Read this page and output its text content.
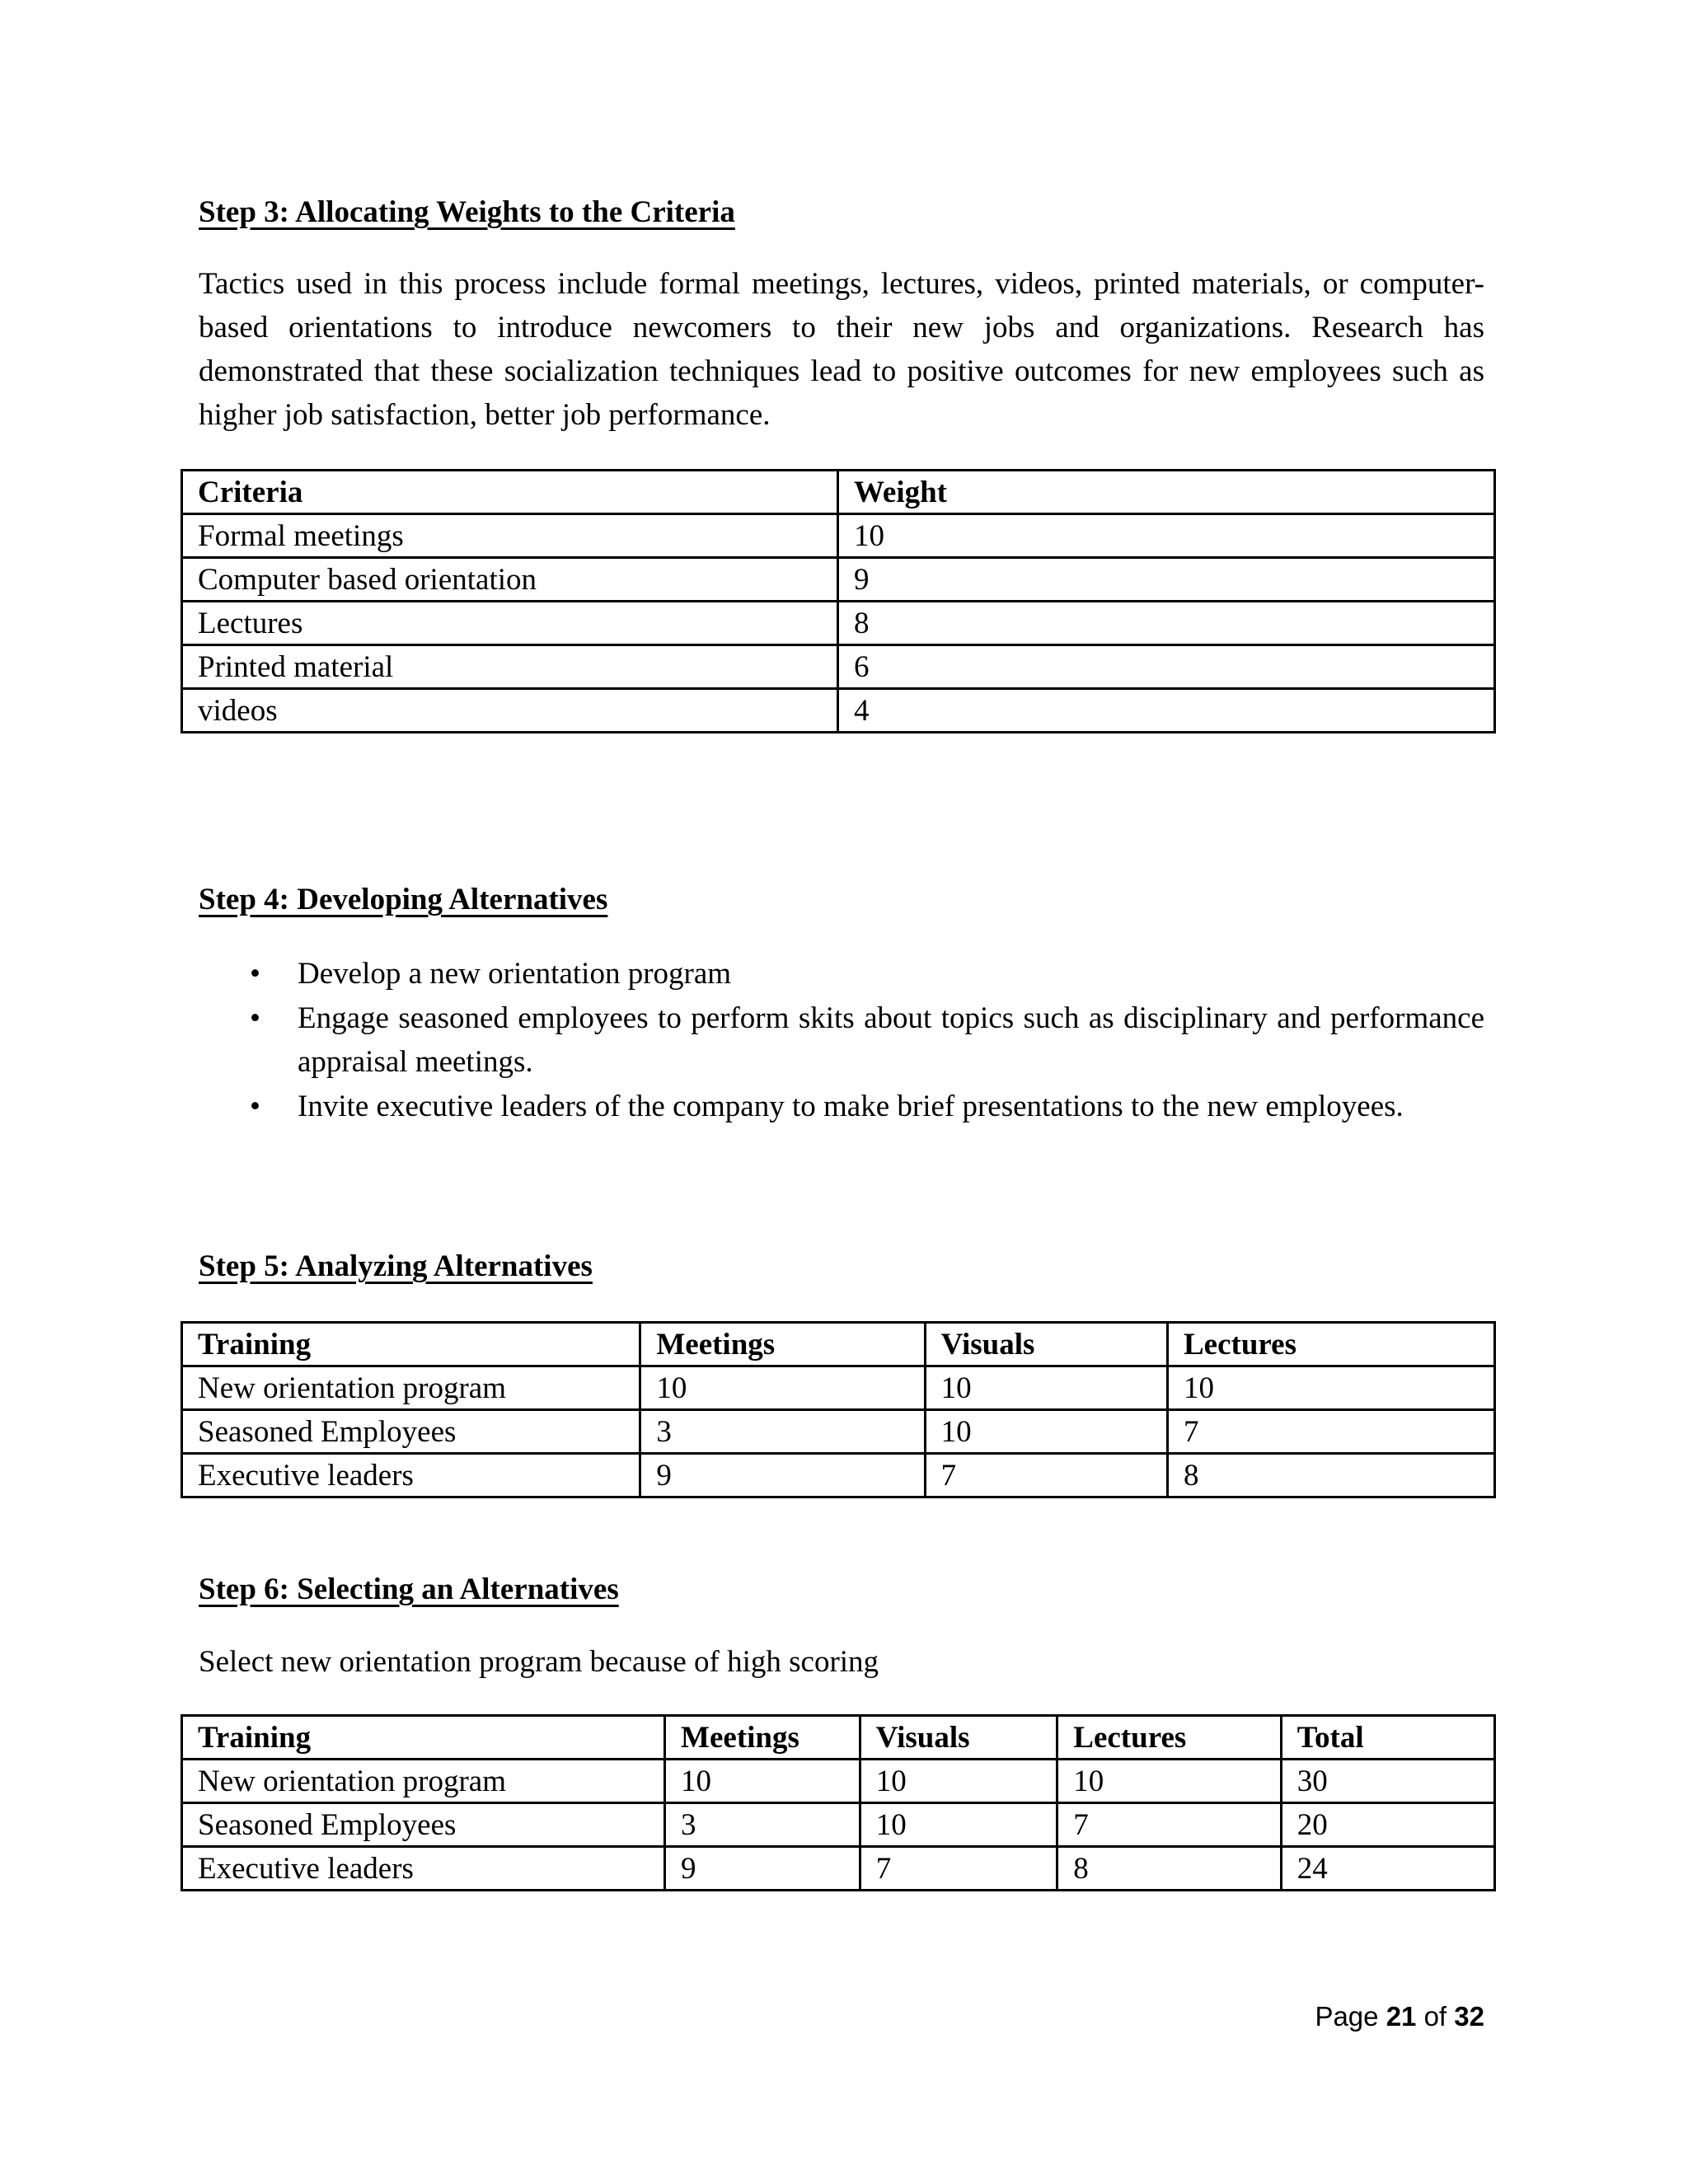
Step 3: Allocating Weights to the Criteria
Tactics used in this process include formal meetings, lectures, videos, printed materials, or computer-based orientations to introduce newcomers to their new jobs and organizations. Research has demonstrated that these socialization techniques lead to positive outcomes for new employees such as higher job satisfaction, better job performance.
Criteria	Weight
Formal meetings	10
Computer based orientation	9
Lectures	8
Printed material	6
videos	4
Step 4: Developing Alternatives
• Develop a new orientation program
• Engage seasoned employees to perform skits about topics such as disciplinary and performance appraisal meetings.
• Invite executive leaders of the company to make brief presentations to the new employees.
Step 5: Analyzing Alternatives
Training	Meetings	Visuals	Lectures
New orientation program	10	10	10
Seasoned Employees	3	10	7
Executive leaders	9	7	8
Step 6: Selecting an Alternatives
Select new orientation program because of high scoring
Training	Meetings	Visuals	Lectures	Total
New orientation program	10	10	10	30
Seasoned Employees	3	10	7	20
Executive leaders	9	7	8	24
Page 21 of 32
